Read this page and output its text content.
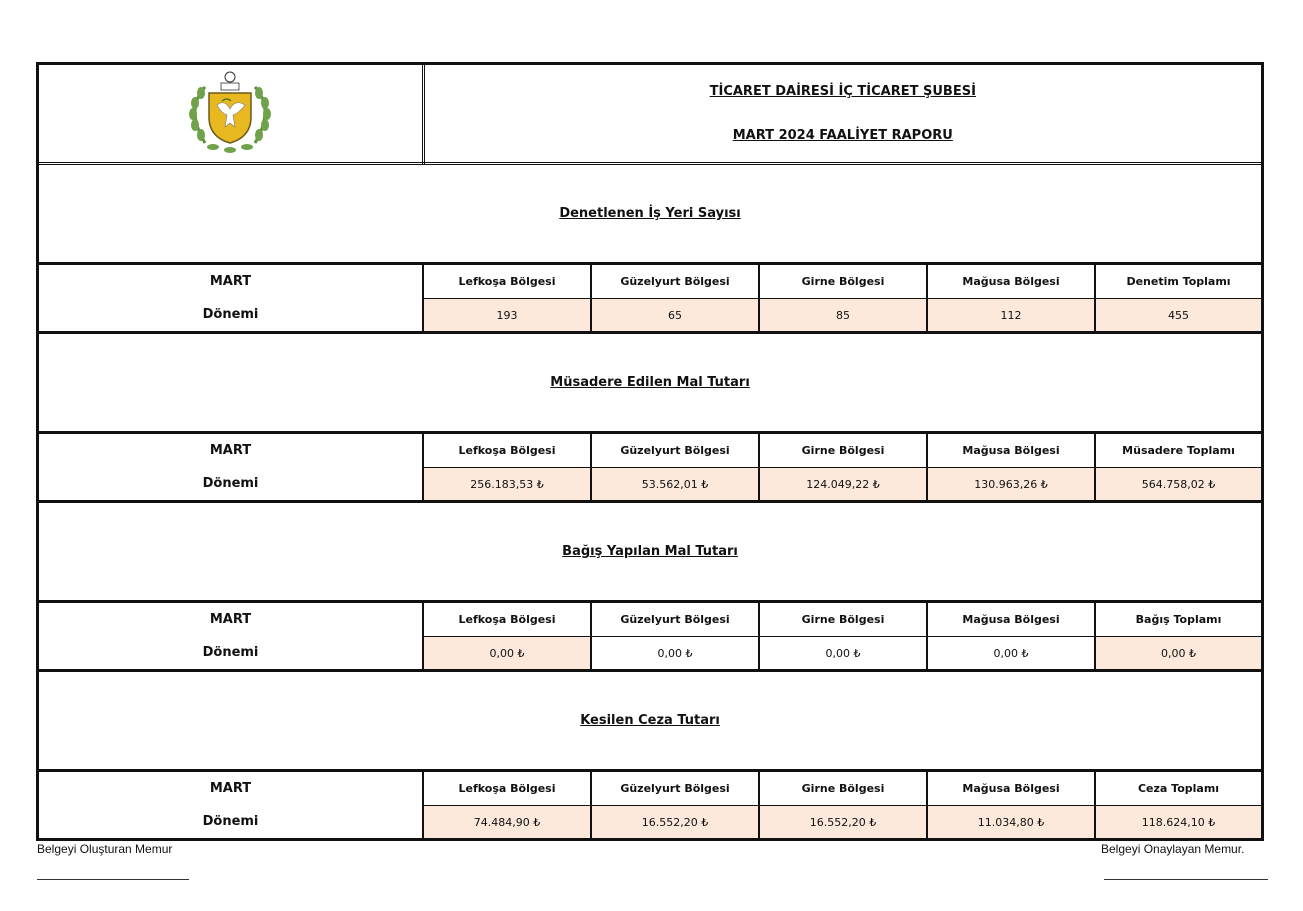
TİCARET DAİRESİ İÇ TİCARET ŞUBESİ
MART 2024 FAALİYET RAPORU				

Denetlenen İş Yeri Sayısı					
MART	Lefkoşa Bölgesi	Güzelyurt Bölgesi	Girne Bölgesi	Mağusa Bölgesi	Denetim Toplamı
Dönemi	193	65	85	112	455
Müsadere Edilen Mal Tutarı					
MART	Lefkoşa Bölgesi	Güzelyurt Bölgesi	Girne Bölgesi	Mağusa Bölgesi	Müsadere Toplamı
Dönemi	256.183,53 ₺	53.562,01 ₺	124.049,22 ₺	130.963,26 ₺	564.758,02 ₺
Bağış Yapılan Mal Tutarı					
MART	Lefkoşa Bölgesi	Güzelyurt Bölgesi	Girne Bölgesi	Mağusa Bölgesi	Bağış Toplamı
Dönemi	0,00 ₺	0,00 ₺	0,00 ₺	0,00 ₺	0,00 ₺
Kesilen Ceza Tutarı					
MART	Lefkoşa Bölgesi	Güzelyurt Bölgesi	Girne Bölgesi	Mağusa Bölgesi	Ceza Toplamı
Dönemi	74.484,90 ₺	16.552,20 ₺	16.552,20 ₺	11.034,80 ₺	118.624,10 ₺
Belgeyi Oluşturan Memur	Belgeyi Onaylayan Memur.
